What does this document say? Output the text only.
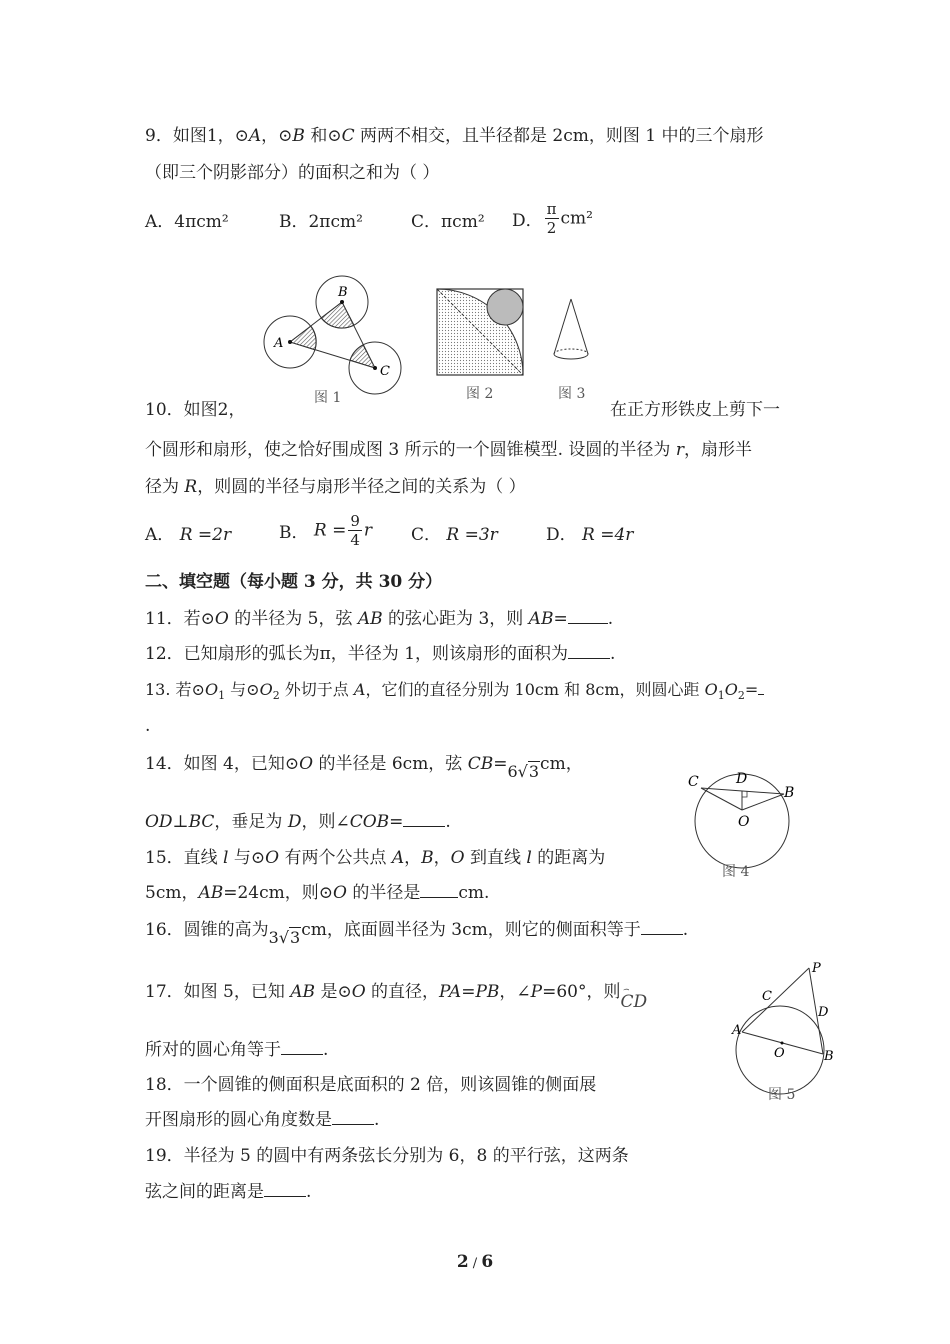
9．如图1，⊙A，⊙B 和⊙C 两两不相交，且半径都是 2cm，则图 1 中的三个扇形
（即三个阴影部分）的面积之和为（ ）
A．4πcm²	B．2πcm²	C．πcm² D． $\frac{\pi}{2} cm^2$
B
A
C
图 1	图 2	图 3
10．如图2，	在正方形铁皮上剪下一
个圆形和扇形，使之恰好围成图 3 所示的一个圆锥模型. 设圆的半径为 r，扇形半
径为 R，则圆的半径与扇形半径之间的关系为（ ）
A． R =2r	B． $R = \frac{9}{4}$ r C． R =3r	D． R =4r
二、填空题（每小题 3 分，共 30 分）
11．若⊙O 的半径为 5，弦 AB 的弦心距为 3，则 AB= .
12．已知扇形的弧长为π，半径为 1，则该扇形的面积为 .
13. 若$⊙O_1$ 与$⊙O_2$ 外切于点 A，它们的直径分别为 10cm 和 8cm，则圆心距 $O_1O_2=$
.
14．如图 4，已知⊙O 的半径是 6cm，弦 CB=6√3cm，
OD⊥BC，垂足为 D，则∠COB= .
C	D
B
O
图 4
15．直线 l 与⊙O 有两个公共点 A，B，O 到直线 l 的距离为
5cm，AB=24cm，则⊙O 的半径是 cm.
16．圆锥的高为3√3cm，底面圆半径为 3cm，则它的侧面积等于 .
17．如图 5，已知 AB 是⊙O 的直径，PA=PB，∠P=60°，则 ⌢
CD
所对的圆心角等于 .
P
C
D
A
O	B
图 5
18．一个圆锥的侧面积是底面积的 2 倍，则该圆锥的侧面展
开图扇形的圆心角度数是 .
19．半径为 5 的圆中有两条弦长分别为 6，8 的平行弦，这两条
弦之间的距离是 .
2 / 6
